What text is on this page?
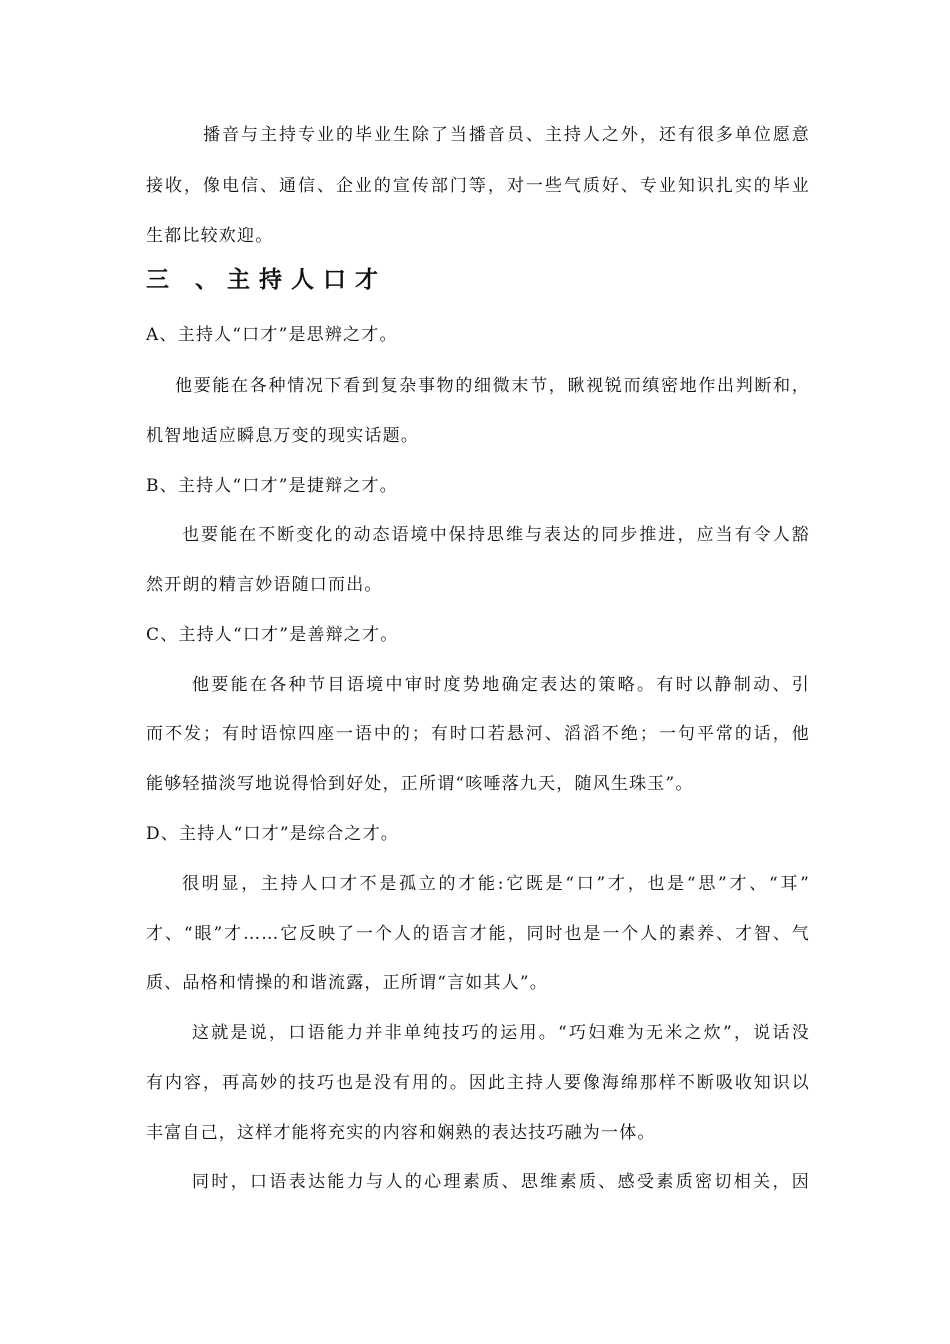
播音与主持专业的毕业生除了当播音员、主持人之外，还有很多单位愿意
接收，像电信、通信、企业的宣传部门等，对一些气质好、专业知识扎实的毕业
生都比较欢迎。
三 、主持人口才
A、主持人“口才”是思辨之才。
他要能在各种情况下看到复杂事物的细微末节，瞅视锐而缜密地作出判断和，
机智地适应瞬息万变的现实话题。
B、主持人“口才”是捷辩之才。
也要能在不断变化的动态语境中保持思维与表达的同步推进，应当有令人豁
然开朗的精言妙语随口而出。
C、主持人“口才”是善辩之才。
他要能在各种节目语境中审时度势地确定表达的策略。有时以静制动、引
而不发；有时语惊四座一语中的；有时口若悬河、滔滔不绝；一句平常的话，他
能够轻描淡写地说得恰到好处，正所谓“咳唾落九天，随风生珠玉”。
D、主持人“口才”是综合之才。
很明显，主持人口才不是孤立的才能:它既是“口”才，也是“思”才、“耳”
才、“眼”才……它反映了一个人的语言才能，同时也是一个人的素养、才智、气
质、品格和情操的和谐流露，正所谓“言如其人”。
这就是说，口语能力并非单纯技巧的运用。“巧妇难为无米之炊”，说话没
有内容，再高妙的技巧也是没有用的。因此主持人要像海绵那样不断吸收知识以
丰富自己，这样才能将充实的内容和娴熟的表达技巧融为一体。
同时，口语表达能力与人的心理素质、思维素质、感受素质密切相关，因
